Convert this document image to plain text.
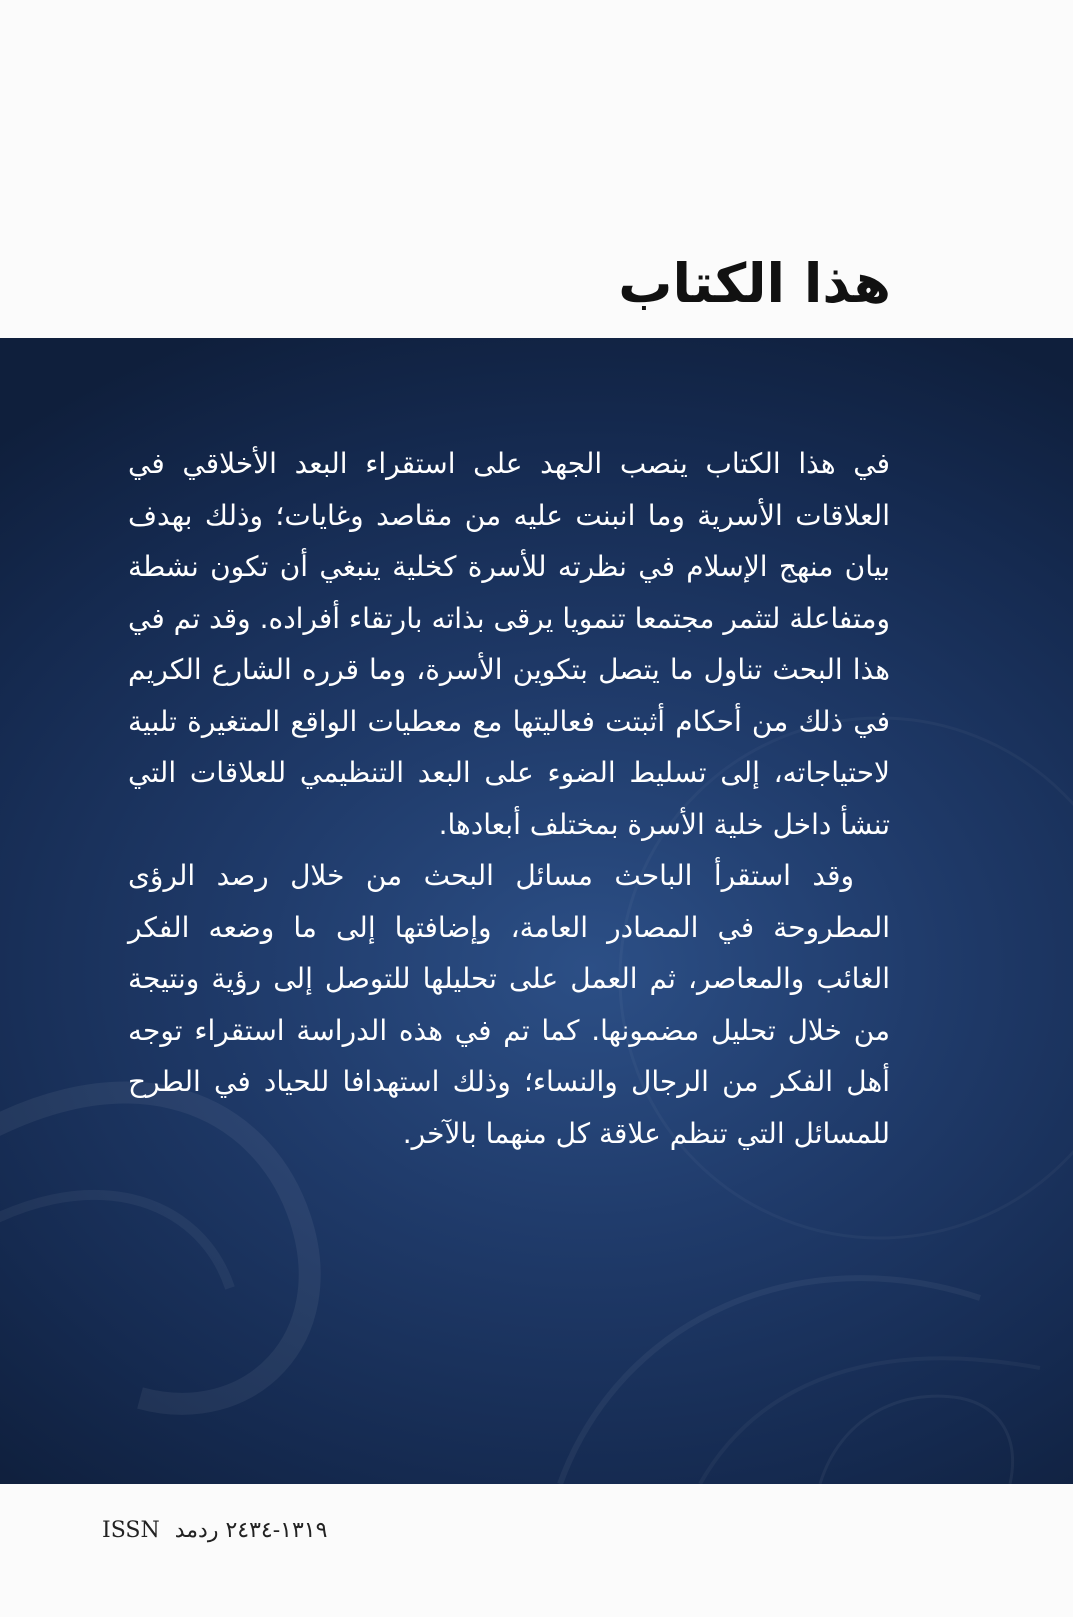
هذا الكتاب

في هذا الكتاب ينصب الجهد على استقراء البعد الأخلاقي في العلاقات الأسرية وما انبنت عليه من مقاصد وغايات؛ وذلك بهدف بيان منهج الإسلام في نظرته للأسرة كخلية ينبغي أن تكون نشطة ومتفاعلة لتثمر مجتمعا تنمويا يرقى بذاته بارتقاء أفراده. وقد تم في هذا البحث تناول ما يتصل بتكوين الأسرة، وما قرره الشارع الكريم في ذلك من أحكام أثبتت فعاليتها مع معطيات الواقع المتغيرة تلبية لاحتياجاته، إلى تسليط الضوء على البعد التنظيمي للعلاقات التي تنشأ داخل خلية الأسرة بمختلف أبعادها.

وقد استقرأ الباحث مسائل البحث من خلال رصد الرؤى المطروحة في المصادر العامة، وإضافتها إلى ما وضعه الفكر الغائب والمعاصر، ثم العمل على تحليلها للتوصل إلى رؤية ونتيجة من خلال تحليل مضمونها. كما تم في هذه الدراسة استقراء توجه أهل الفكر من الرجال والنساء؛ وذلك استهدافا للحياد في الطرح للمسائل التي تنظم علاقة كل منهما بالآخر.

ISSN	١٣١٩-٢٤٣٤ ردمد
